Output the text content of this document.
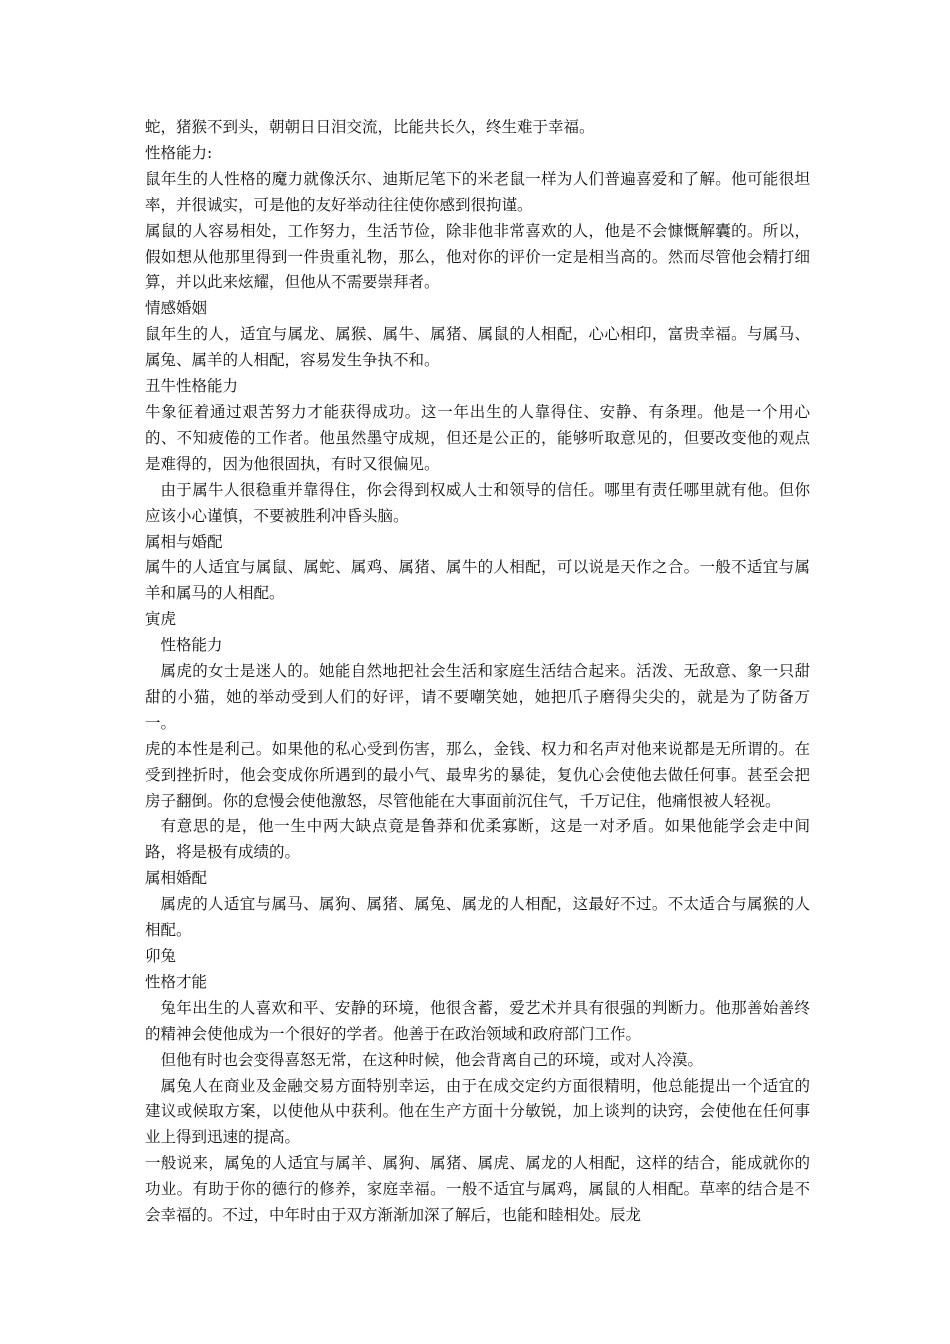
蛇，猪猴不到头，朝朝日日泪交流，比能共长久，终生难于幸福。

性格能力:

鼠年生的人性格的魔力就像沃尔、迪斯尼笔下的米老鼠一样为人们普遍喜爱和了解。他可能很坦率，并很诚实，可是他的友好举动往往使你感到很拘谨。

属鼠的人容易相处，工作努力，生活节俭，除非他非常喜欢的人，他是不会慷慨解囊的。所以，假如想从他那里得到一件贵重礼物，那么，他对你的评价一定是相当高的。然而尽管他会精打细算，并以此来炫耀，但他从不需要崇拜者。

情感婚姻

鼠年生的人，适宜与属龙、属猴、属牛、属猪、属鼠的人相配，心心相印，富贵幸福。与属马、属兔、属羊的人相配，容易发生争执不和。

丑牛性格能力

牛象征着通过艰苦努力才能获得成功。这一年出生的人靠得住、安静、有条理。他是一个用心的、不知疲倦的工作者。他虽然墨守成规，但还是公正的，能够听取意见的，但要改变他的观点是难得的，因为他很固执，有时又很偏见。

由于属牛人很稳重并靠得住，你会得到权威人士和领导的信任。哪里有责任哪里就有他。但你应该小心谨慎，不要被胜利冲昏头脑。

属相与婚配

属牛的人适宜与属鼠、属蛇、属鸡、属猪、属牛的人相配，可以说是天作之合。一般不适宜与属羊和属马的人相配。

寅虎

性格能力

属虎的女士是迷人的。她能自然地把社会生活和家庭生活结合起来。活泼、无敌意、象一只甜甜的小猫，她的举动受到人们的好评，请不要嘲笑她，她把爪子磨得尖尖的，就是为了防备万一。

虎的本性是利己。如果他的私心受到伤害，那么，金钱、权力和名声对他来说都是无所谓的。在受到挫折时，他会变成你所遇到的最小气、最卑劣的暴徒，复仇心会使他去做任何事。甚至会把房子翻倒。你的怠慢会使他激怒，尽管他能在大事面前沉住气，千万记住，他痛恨被人轻视。

有意思的是，他一生中两大缺点竟是鲁莽和优柔寡断，这是一对矛盾。如果他能学会走中间路，将是极有成绩的。

属相婚配

属虎的人适宜与属马、属狗、属猪、属兔、属龙的人相配，这最好不过。不太适合与属猴的人相配。

卯兔

性格才能

兔年出生的人喜欢和平、安静的环境，他很含蓄，爱艺术并具有很强的判断力。他那善始善终的精神会使他成为一个很好的学者。他善于在政治领域和政府部门工作。

但他有时也会变得喜怒无常，在这种时候，他会背离自己的环境，或对人冷漠。

属兔人在商业及金融交易方面特别幸运，由于在成交定约方面很精明，他总能提出一个适宜的建议或候取方案，以使他从中获利。他在生产方面十分敏锐，加上谈判的诀窍，会使他在任何事业上得到迅速的提高。

一般说来，属兔的人适宜与属羊、属狗、属猪、属虎、属龙的人相配，这样的结合，能成就你的功业。有助于你的德行的修养，家庭幸福。一般不适宜与属鸡，属鼠的人相配。草率的结合是不会幸福的。不过，中年时由于双方渐渐加深了解后，也能和睦相处。辰龙
